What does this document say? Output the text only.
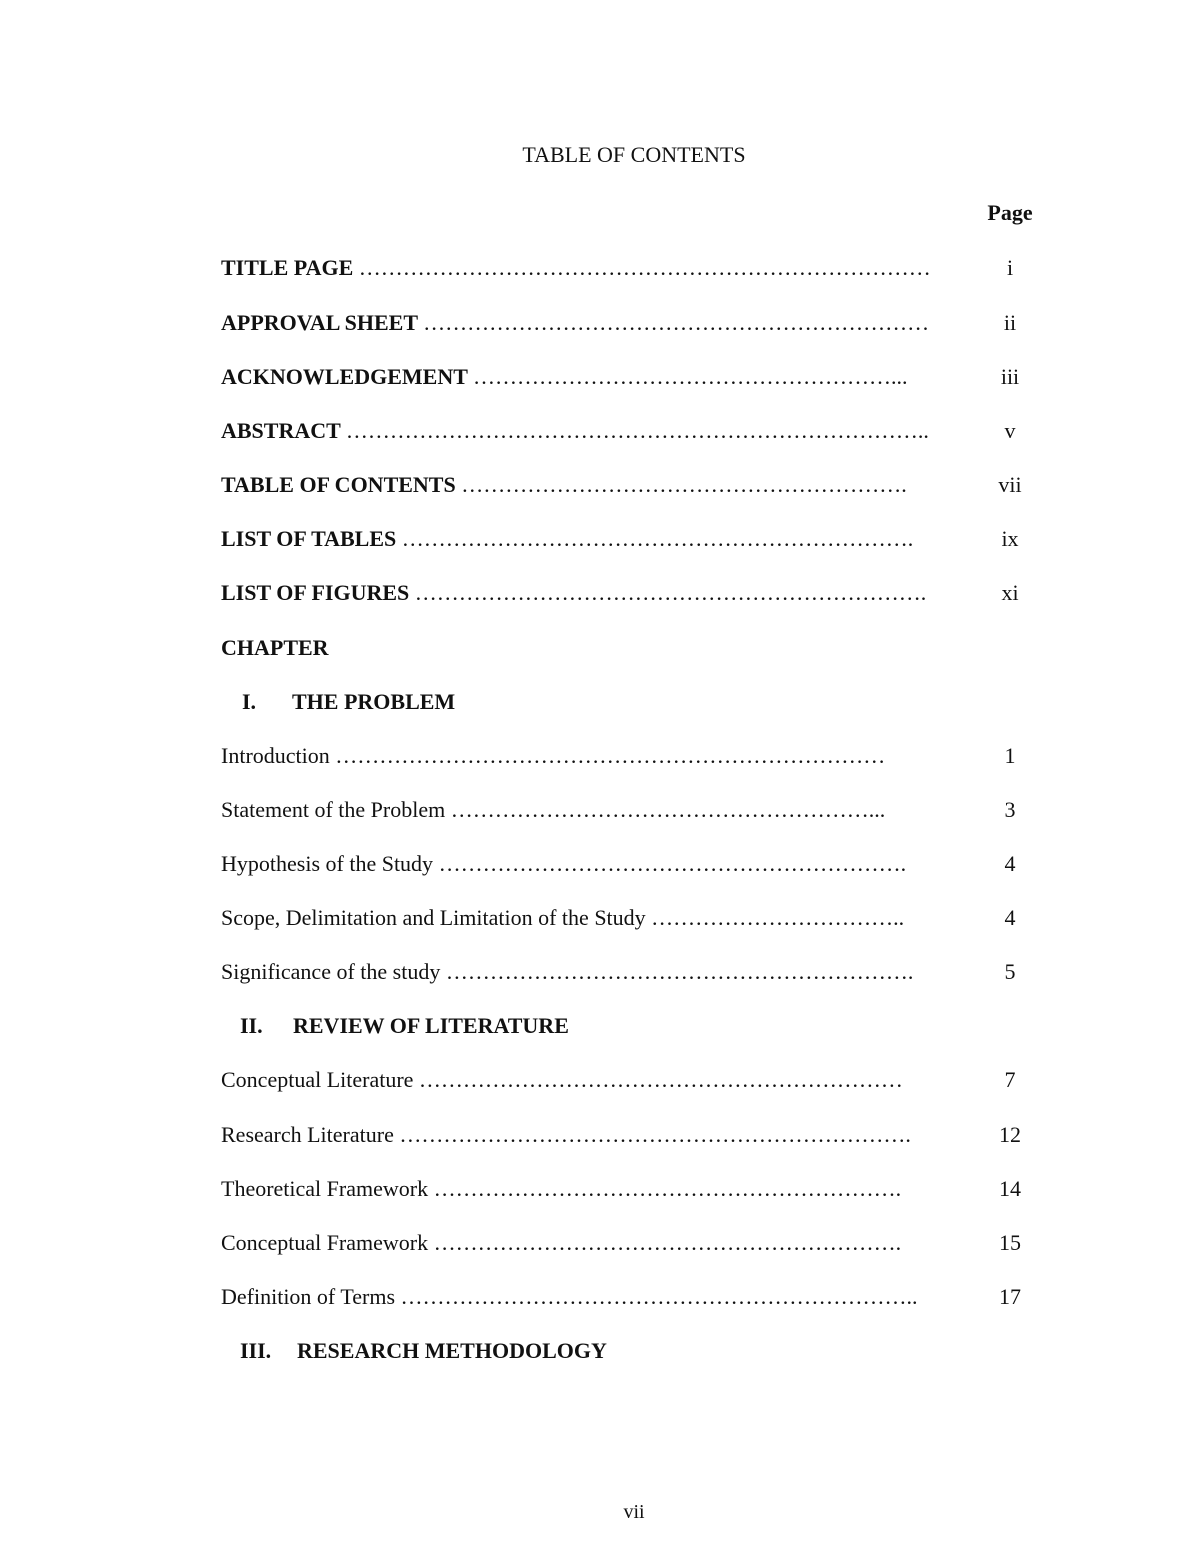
TABLE OF CONTENTS
Page
TITLE PAGE ……………………………………………………………………	i
APPROVAL SHEET ……………………………………………………………	ii
ACKNOWLEDGEMENT …………………………………………………...	iii
ABSTRACT ……………………………………………………………………..	v
TABLE OF CONTENTS …………………………………………………….	vii
LIST OF TABLES …………………………………………………………….	ix
LIST OF FIGURES …………………………………………………………….	xi
CHAPTER
I. THE PROBLEM
Introduction …………………………………………………………………	1
Statement of the Problem …………………………………………………...	3
Hypothesis of the Study ……………………………………………………….	4
Scope, Delimitation and Limitation of the Study ……………………………..	4
Significance of the study ……………………………………………………….	5
II. REVIEW OF LITERATURE
Conceptual Literature …………………………………………………………	7
Research Literature …………………………………………………………….	12
Theoretical Framework ……………………………………………………….	14
Conceptual Framework ……………………………………………………….	15
Definition of Terms ……………………………………………………………..	17
III. RESEARCH METHODOLOGY
vii
